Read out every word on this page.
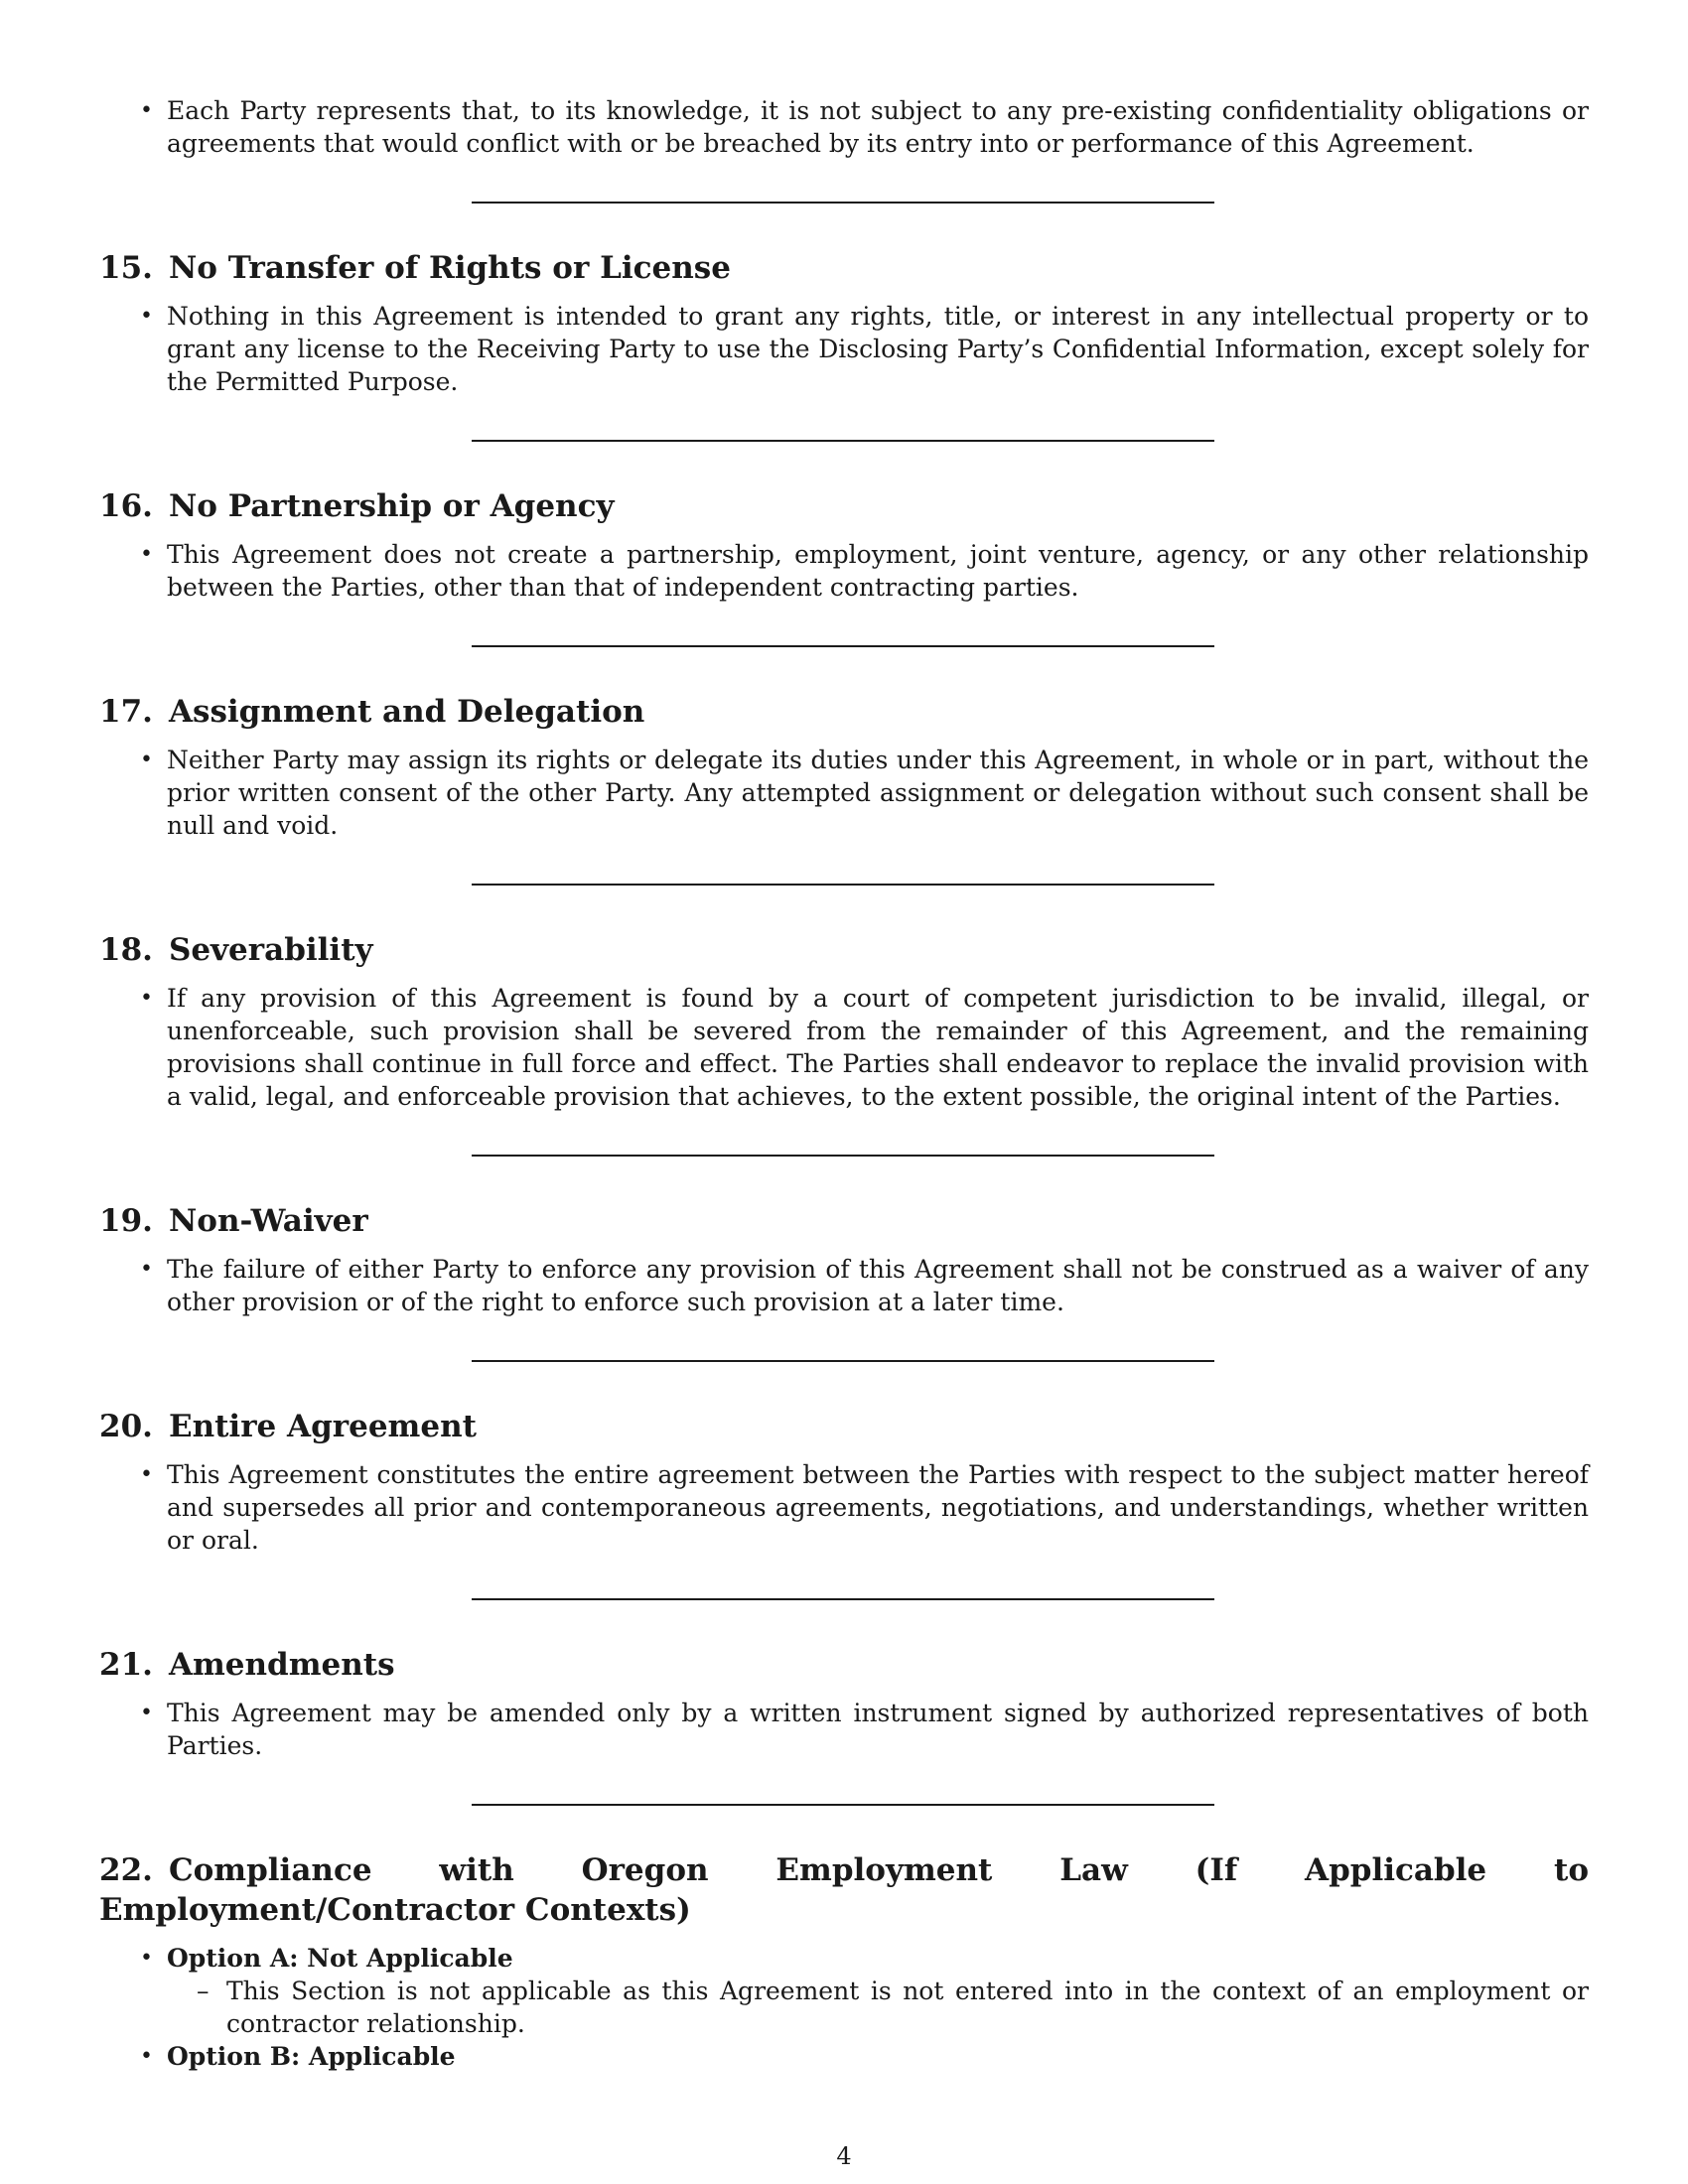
• Each Party represents that, to its knowledge, it is not subject to any pre-existing confidentiality obligations or agreements that would conflict with or be breached by its entry into or performance of this Agreement.
15. No Transfer of Rights or License
• Nothing in this Agreement is intended to grant any rights, title, or interest in any intellectual property or to grant any license to the Receiving Party to use the Disclosing Party’s Confidential Information, except solely for the Permitted Purpose.
16. No Partnership or Agency
• This Agreement does not create a partnership, employment, joint venture, agency, or any other relationship between the Parties, other than that of independent contracting parties.
17. Assignment and Delegation
• Neither Party may assign its rights or delegate its duties under this Agreement, in whole or in part, without the prior written consent of the other Party. Any attempted assignment or delegation without such consent shall be null and void.
18. Severability
• If any provision of this Agreement is found by a court of competent jurisdiction to be invalid, illegal, or unenforceable, such provision shall be severed from the remainder of this Agreement, and the remaining provisions shall continue in full force and effect. The Parties shall endeavor to replace the invalid provision with a valid, legal, and enforceable provision that achieves, to the extent possible, the original intent of the Parties.
19. Non-Waiver
• The failure of either Party to enforce any provision of this Agreement shall not be construed as a waiver of any other provision or of the right to enforce such provision at a later time.
20. Entire Agreement
• This Agreement constitutes the entire agreement between the Parties with respect to the subject matter hereof and supersedes all prior and contemporaneous agreements, negotiations, and understandings, whether written or oral.
21. Amendments
• This Agreement may be amended only by a written instrument signed by authorized representatives of both Parties.
22. Compliance with Oregon Employment Law (If Applicable to Employment/Contractor Contexts)
• Option A: Not Applicable
– This Section is not applicable as this Agreement is not entered into in the context of an employment or contractor relationship.
• Option B: Applicable
4
